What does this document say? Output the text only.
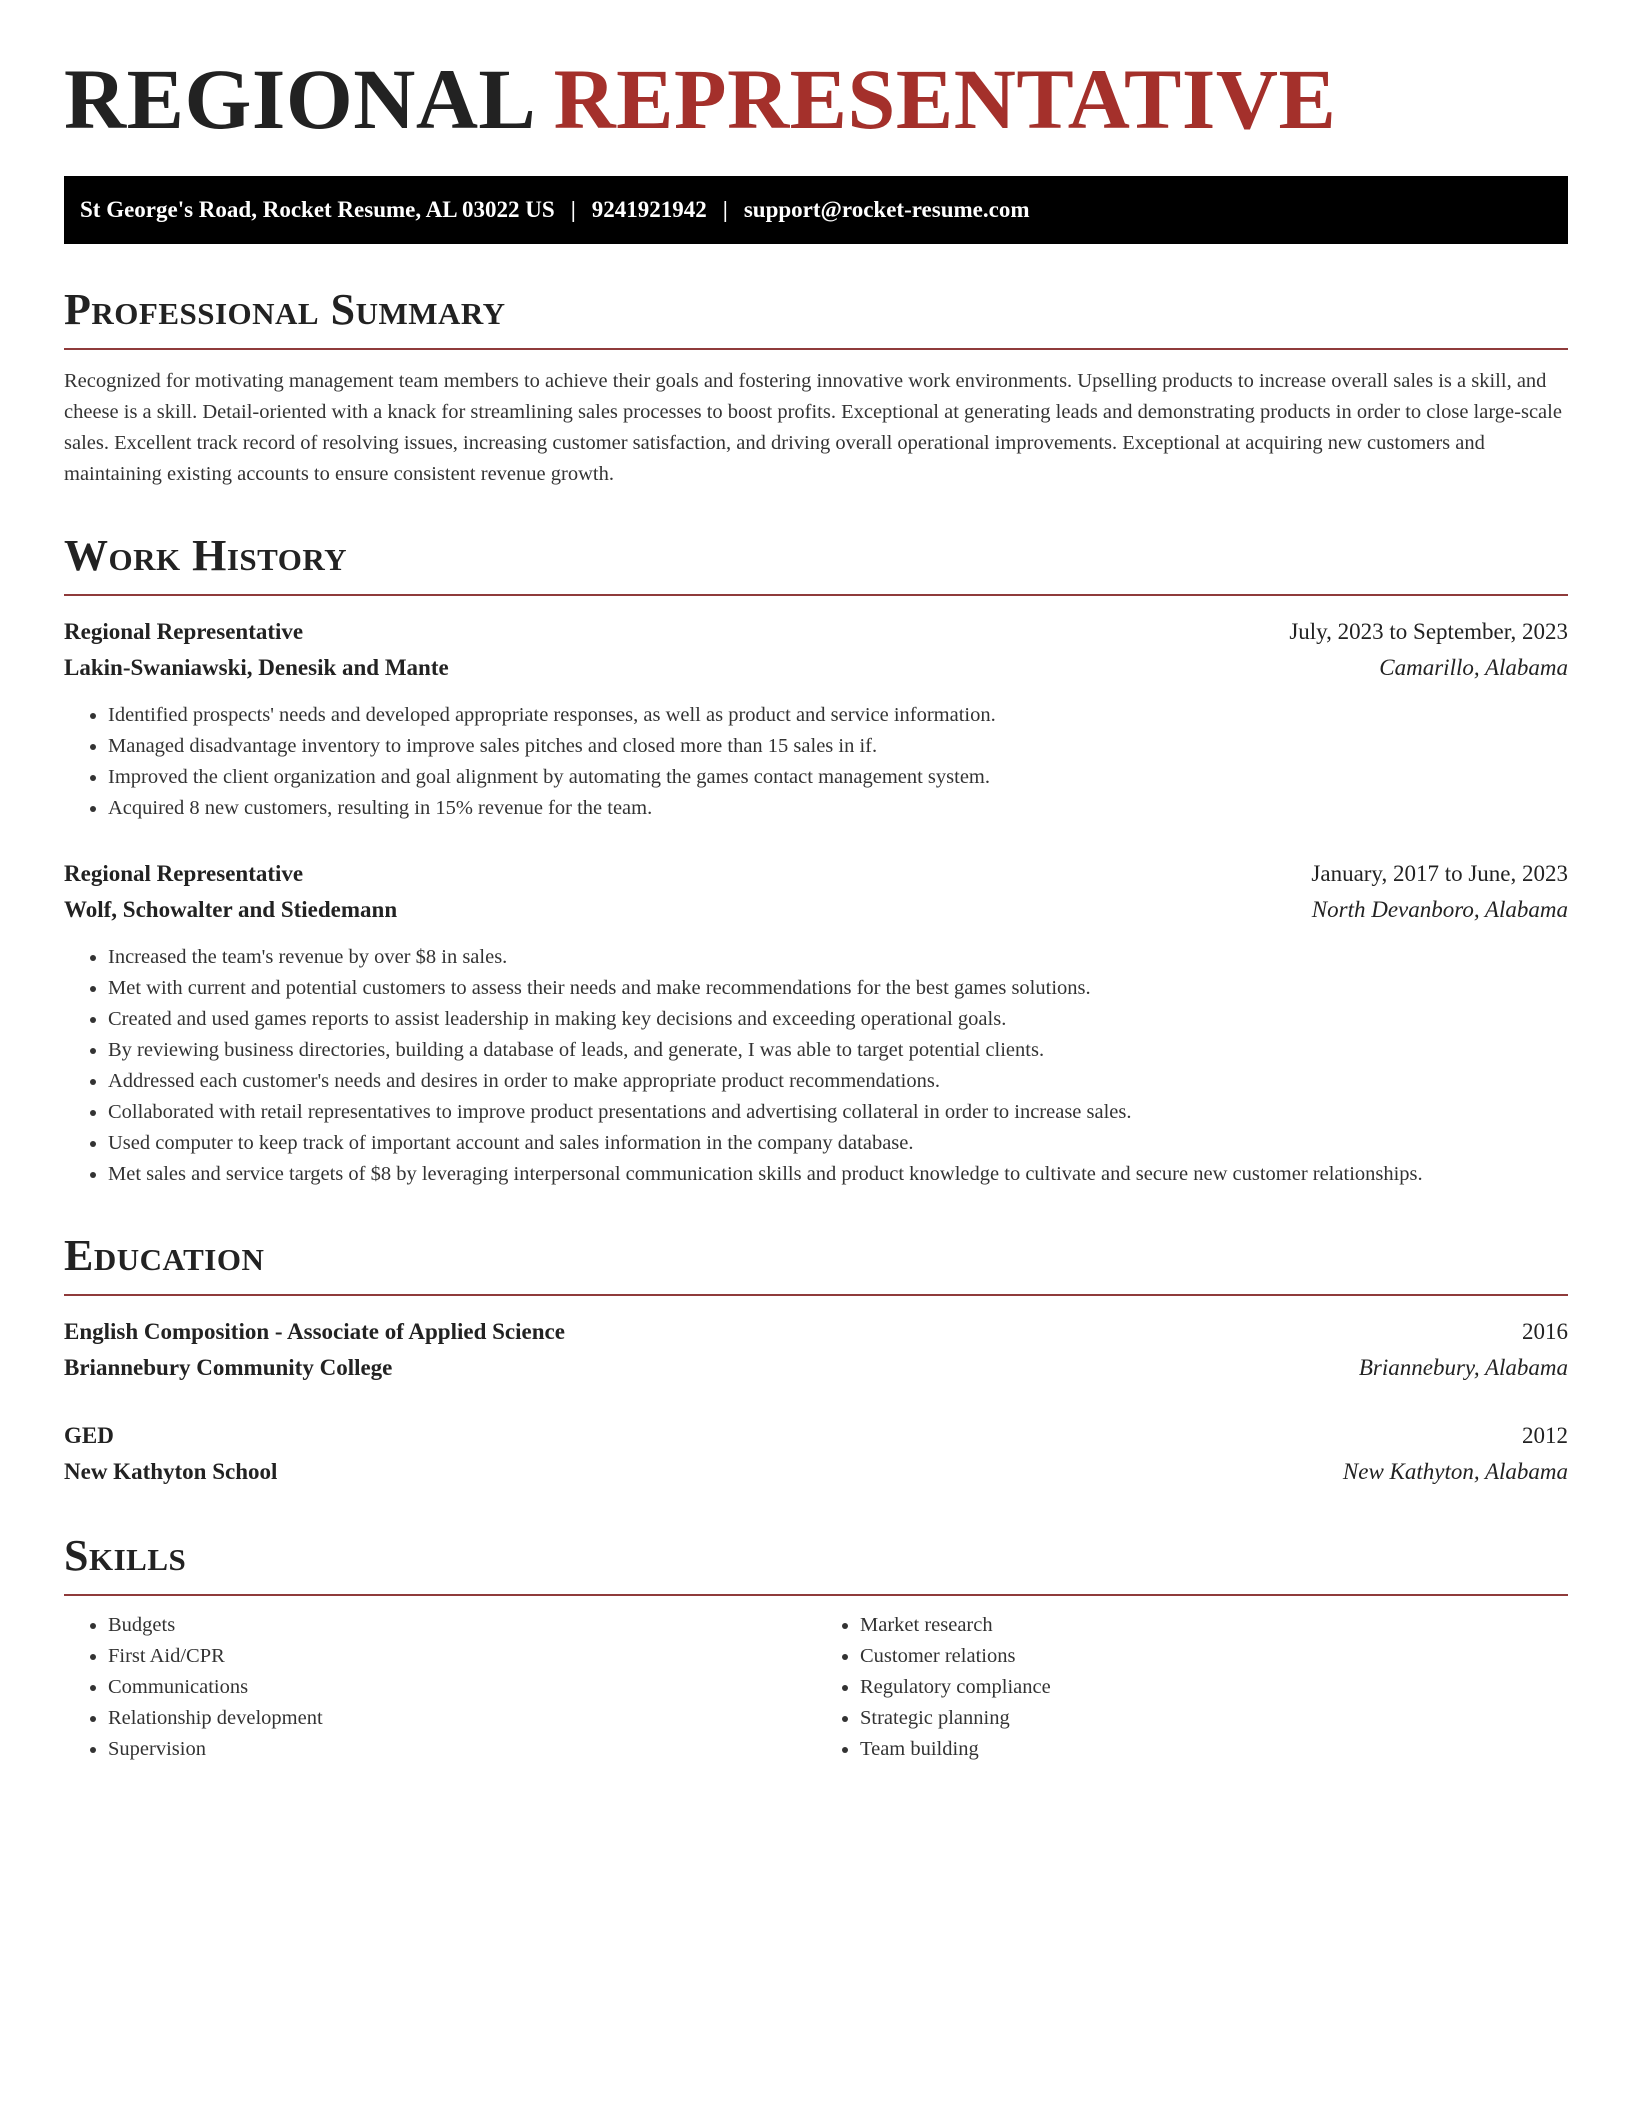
REGIONAL REPRESENTATIVE
St George's Road, Rocket Resume, AL 03022 US | 9241921942 | support@rocket-resume.com
Professional Summary

Recognized for motivating management team members to achieve their goals and fostering innovative work environments. Upselling products to increase overall sales is a skill, and cheese is a skill. Detail-oriented with a knack for streamlining sales processes to boost profits. Exceptional at generating leads and demonstrating products in order to close large-scale sales. Excellent track record of resolving issues, increasing customer satisfaction, and driving overall operational improvements. Exceptional at acquiring new customers and maintaining existing accounts to ensure consistent revenue growth.

Work History
Regional Representative	July, 2023 to September, 2023
Lakin-Swaniawski, Denesik and Mante	Camarillo, Alabama
• Identified prospects' needs and developed appropriate responses, as well as product and service information.
• Managed disadvantage inventory to improve sales pitches and closed more than 15 sales in if.
• Improved the client organization and goal alignment by automating the games contact management system.
• Acquired 8 new customers, resulting in 15% revenue for the team.
Regional Representative	January, 2017 to June, 2023
Wolf, Schowalter and Stiedemann	North Devanboro, Alabama
• Increased the team's revenue by over $8 in sales.
• Met with current and potential customers to assess their needs and make recommendations for the best games solutions.
• Created and used games reports to assist leadership in making key decisions and exceeding operational goals.
• By reviewing business directories, building a database of leads, and generate, I was able to target potential clients.
• Addressed each customer's needs and desires in order to make appropriate product recommendations.
• Collaborated with retail representatives to improve product presentations and advertising collateral in order to increase sales.
• Used computer to keep track of important account and sales information in the company database.
• Met sales and service targets of $8 by leveraging interpersonal communication skills and product knowledge to cultivate and secure new customer relationships.
Education
English Composition - Associate of Applied Science	2016
Briannebury Community College	Briannebury, Alabama
GED	2012
New Kathyton School	New Kathyton, Alabama
Skills
• Budgets
• First Aid/CPR
• Communications
• Relationship development
• Supervision
• Market research
• Customer relations
• Regulatory compliance
• Strategic planning
• Team building
